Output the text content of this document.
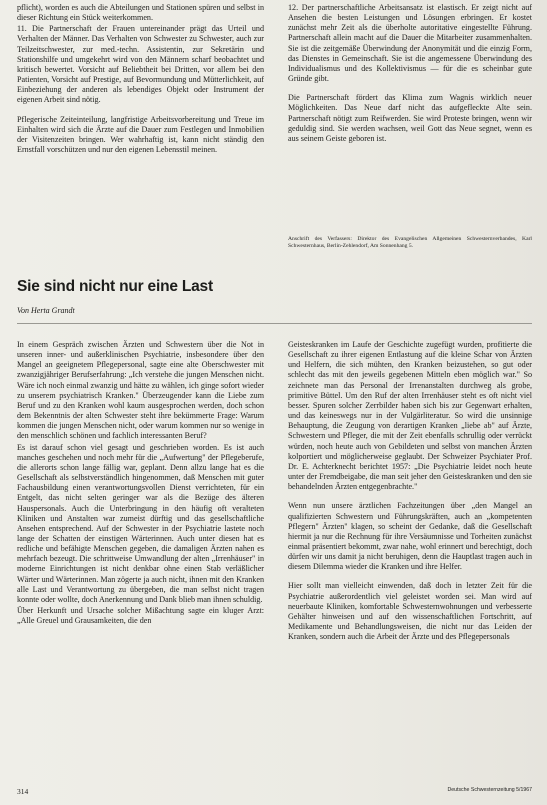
pflicht), worden es auch die Abteilungen und Stationen spüren und selbst in dieser Richtung ein Stück weiterkommen.

11. Die Partnerschaft der Frauen untereinander prägt das Urteil und Verhalten der Männer. Das Verhalten von Schwester zu Schwester, auch zur Teilzeitschwester, zur med.-techn. Assistentin, zur Sekretärin und Stationshilfe und umgekehrt wird von den Männern scharf beobachtet und kritisch bewertet. Vorsicht auf Beliebtheit bei Dritten, vor allem bei den Patienten, Vorsicht auf Prestige, auf Bevormundung und Mütterlichkeit, auf Einbeziehung der anderen als lebendiges Objekt oder Instrument der eigenen Arbeit sind nötig.

Pflegerische Zeiteinteilung, langfristige Arbeitsvorbereitung und Treue im Einhalten wird sich die Ärzte auf die Dauer zum Festlegen und Inmobilien der Visitenzeiten bringen. Wer wahrhaftig ist, kann nicht ständig den Ernstfall vorschützen und nur den eigenen Lebensstil meinen.

12. Der partnerschaftliche Arbeitsansatz ist elastisch. Er zeigt nicht auf Ansehen die besten Leistungen und Lösungen erbringen. Er kostet zunächst mehr Zeit als die überholte autoritative eingestellte Führung. Partnerschaft allein macht auf die Dauer die Mitarbeiter zusammenhalten. Sie ist die zeitgemäße Überwindung der Anonymität und die einzig Form, das Dienstes in Gemeinschaft. Sie ist die angemessene Überwindung des Individualismus und des Kollektivismus — für die es scheinbar gute Gründe gibt.

Die Partnerschaft fördert das Klima zum Wagnis wirklich neuer Möglichkeiten. Das Neue darf nicht das aufgefleckte Alte sein. Partnerschaft nötigt zum Reifwerden. Sie wird Proteste bringen, wenn wir geduldig sind. Sie werden wachsen, weil Gott das Neue segnet, wenn es aus seinem Geiste geboren ist.

Anschrift des Verfassers: Direktor des Evangelischen Allgemeinen Schwesternverbandes, Karl Schwesternhaus, Berlin-Zehlendorf, Am Sonnenhang 5.
Sie sind nicht nur eine Last

Von Herta Grandt

In einem Gespräch zwischen Ärzten und Schwestern über die Not in unseren inner- und außerklinischen Psychiatrie, insbesondere über den Mangel an geeignetem Pflegepersonal, sagte eine alte Oberschwester mit zwanzigjähriger Berufserfahrung: „Ich verstehe die jungen Menschen nicht. Wäre ich noch einmal zwanzig und hätte zu wählen, ich ginge sofort wieder zu unserem psychiatrisch Kranken." Überzeugender kann die Liebe zum Beruf und zu den Kranken wohl kaum ausgesprochen werden, doch schon dem Bekenntnis der alten Schwester steht ihre bekümmerte Frage: Warum kommen die jungen Menschen nicht, oder warum kommen nur so wenige in den menschlich schönen und fachlich interessanten Beruf?

Es ist darauf schon viel gesagt und geschrieben worden. Es ist auch manches geschehen und noch mehr für die „Aufwertung" der Pflegeberufe, die allerorts schon lange fällig war, geplant. Denn allzu lange hat es die Gesellschaft als selbstverständlich hingenommen, daß Menschen mit guter Fachausbildung einen verantwortungsvollen Dienst verrichteten, für ein Entgelt, das nicht selten geringer war als die Bezüge des älteren Hauspersonals. Auch die Unterbringung in den häufig oft veralteten Kliniken und Anstalten war zumeist dürftig und das gesellschaftliche Ansehen entsprechend. Auf der Schwester in der Psychiatrie lastete noch lange der Schatten der einstigen Wärterinnen. Auch unter diesen hat es redliche und befähigte Menschen gegeben, die damaligen Ärzten nahen es mehrfach bezeugt. Die schrittweise Umwandlung der alten „Irrenhäuser" in moderne Einrichtungen ist nicht denkbar ohne einen Stab verläßlicher Wärter und Wärterinnen. Man zögerte ja auch nicht, ihnen mit den Kranken alle Last und Verantwortung zu übergeben, die man selbst nicht tragen konnte oder wollte, doch Anerkennung und Dank blieb man ihnen schuldig.

Über Herkunft und Ursache solcher Mißachtung sagte ein kluger Arzt: „Alle Greuel und Grausamkeiten, die den

Geisteskranken im Laufe der Geschichte zugefügt wurden, profitierte die Gesellschaft zu ihrer eigenen Entlastung auf die kleine Schar von Ärzten und Helfern, die sich mühten, den Kranken beizustehen, so gut oder schlecht das mit den jeweils gegebenen Mitteln eben möglich war." So zeichnete man das Personal der Irrenanstalten durchweg als grobe, primitive Büttel. Um den Ruf der alten Irrenhäuser steht es oft nicht viel besser. Spuren solcher Zerrbilder haben sich bis zur Gegenwart erhalten, und das keineswegs nur in der Vulgärliteratur. So wird die unsinnige Behauptung, die Zeugung von derartigen Kranken „liebe ab" auf Ärzte, Schwestern und Pfleger, die mit der Zeit ebenfalls schrullig oder verrückt würden, noch heute auch von Gebildeten und selbst von manchen Ärzten kolportiert und möglicherweise geglaubt. Der Schweizer Psychiater Prof. Dr. E. Achterknecht berichtet 1957: „Die Psychiatrie leidet noch heute unter der Fremdbeigabe, die man seit jeher den Geisteskranken und den sie behandelnden Ärzten entgegenbrachte."

Wenn nun unsere ärztlichen Fachzeitungen über „den Mangel an qualifizierten Schwestern und Führungskräften, auch an „kompetenten Pflegern" Ärzten" klagen, so scheint der Gedanke, daß die Gesellschaft hiermit ja nur die Rechnung für ihre Versäumnisse und Torheiten zunächst einmal präsentiert bekommt, zwar nahe, wohl erinnert und berechtigt, doch dürfen wir uns damit ja nicht beruhigen, denn die Hauptlast tragen auch in diesem Dilemma wieder die Kranken und ihre Helfer.

Hier sollt man vielleicht einwenden, daß doch in letzter Zeit für die Psychiatrie außerordentlich viel geleistet worden sei. Man wird auf neuerbaute Kliniken, komfortable Schwesternwohnungen und verbesserte Gehälter hinweisen und auf den wissenschaftlichen Fortschritt, auf Medikamente und Behandlungsweisen, die nicht nur das Leiden der Kranken, sondern auch die Arbeit der Ärzte und des Pflegepersonals

314	Deutsche Schwesternzeitung 5/1967
